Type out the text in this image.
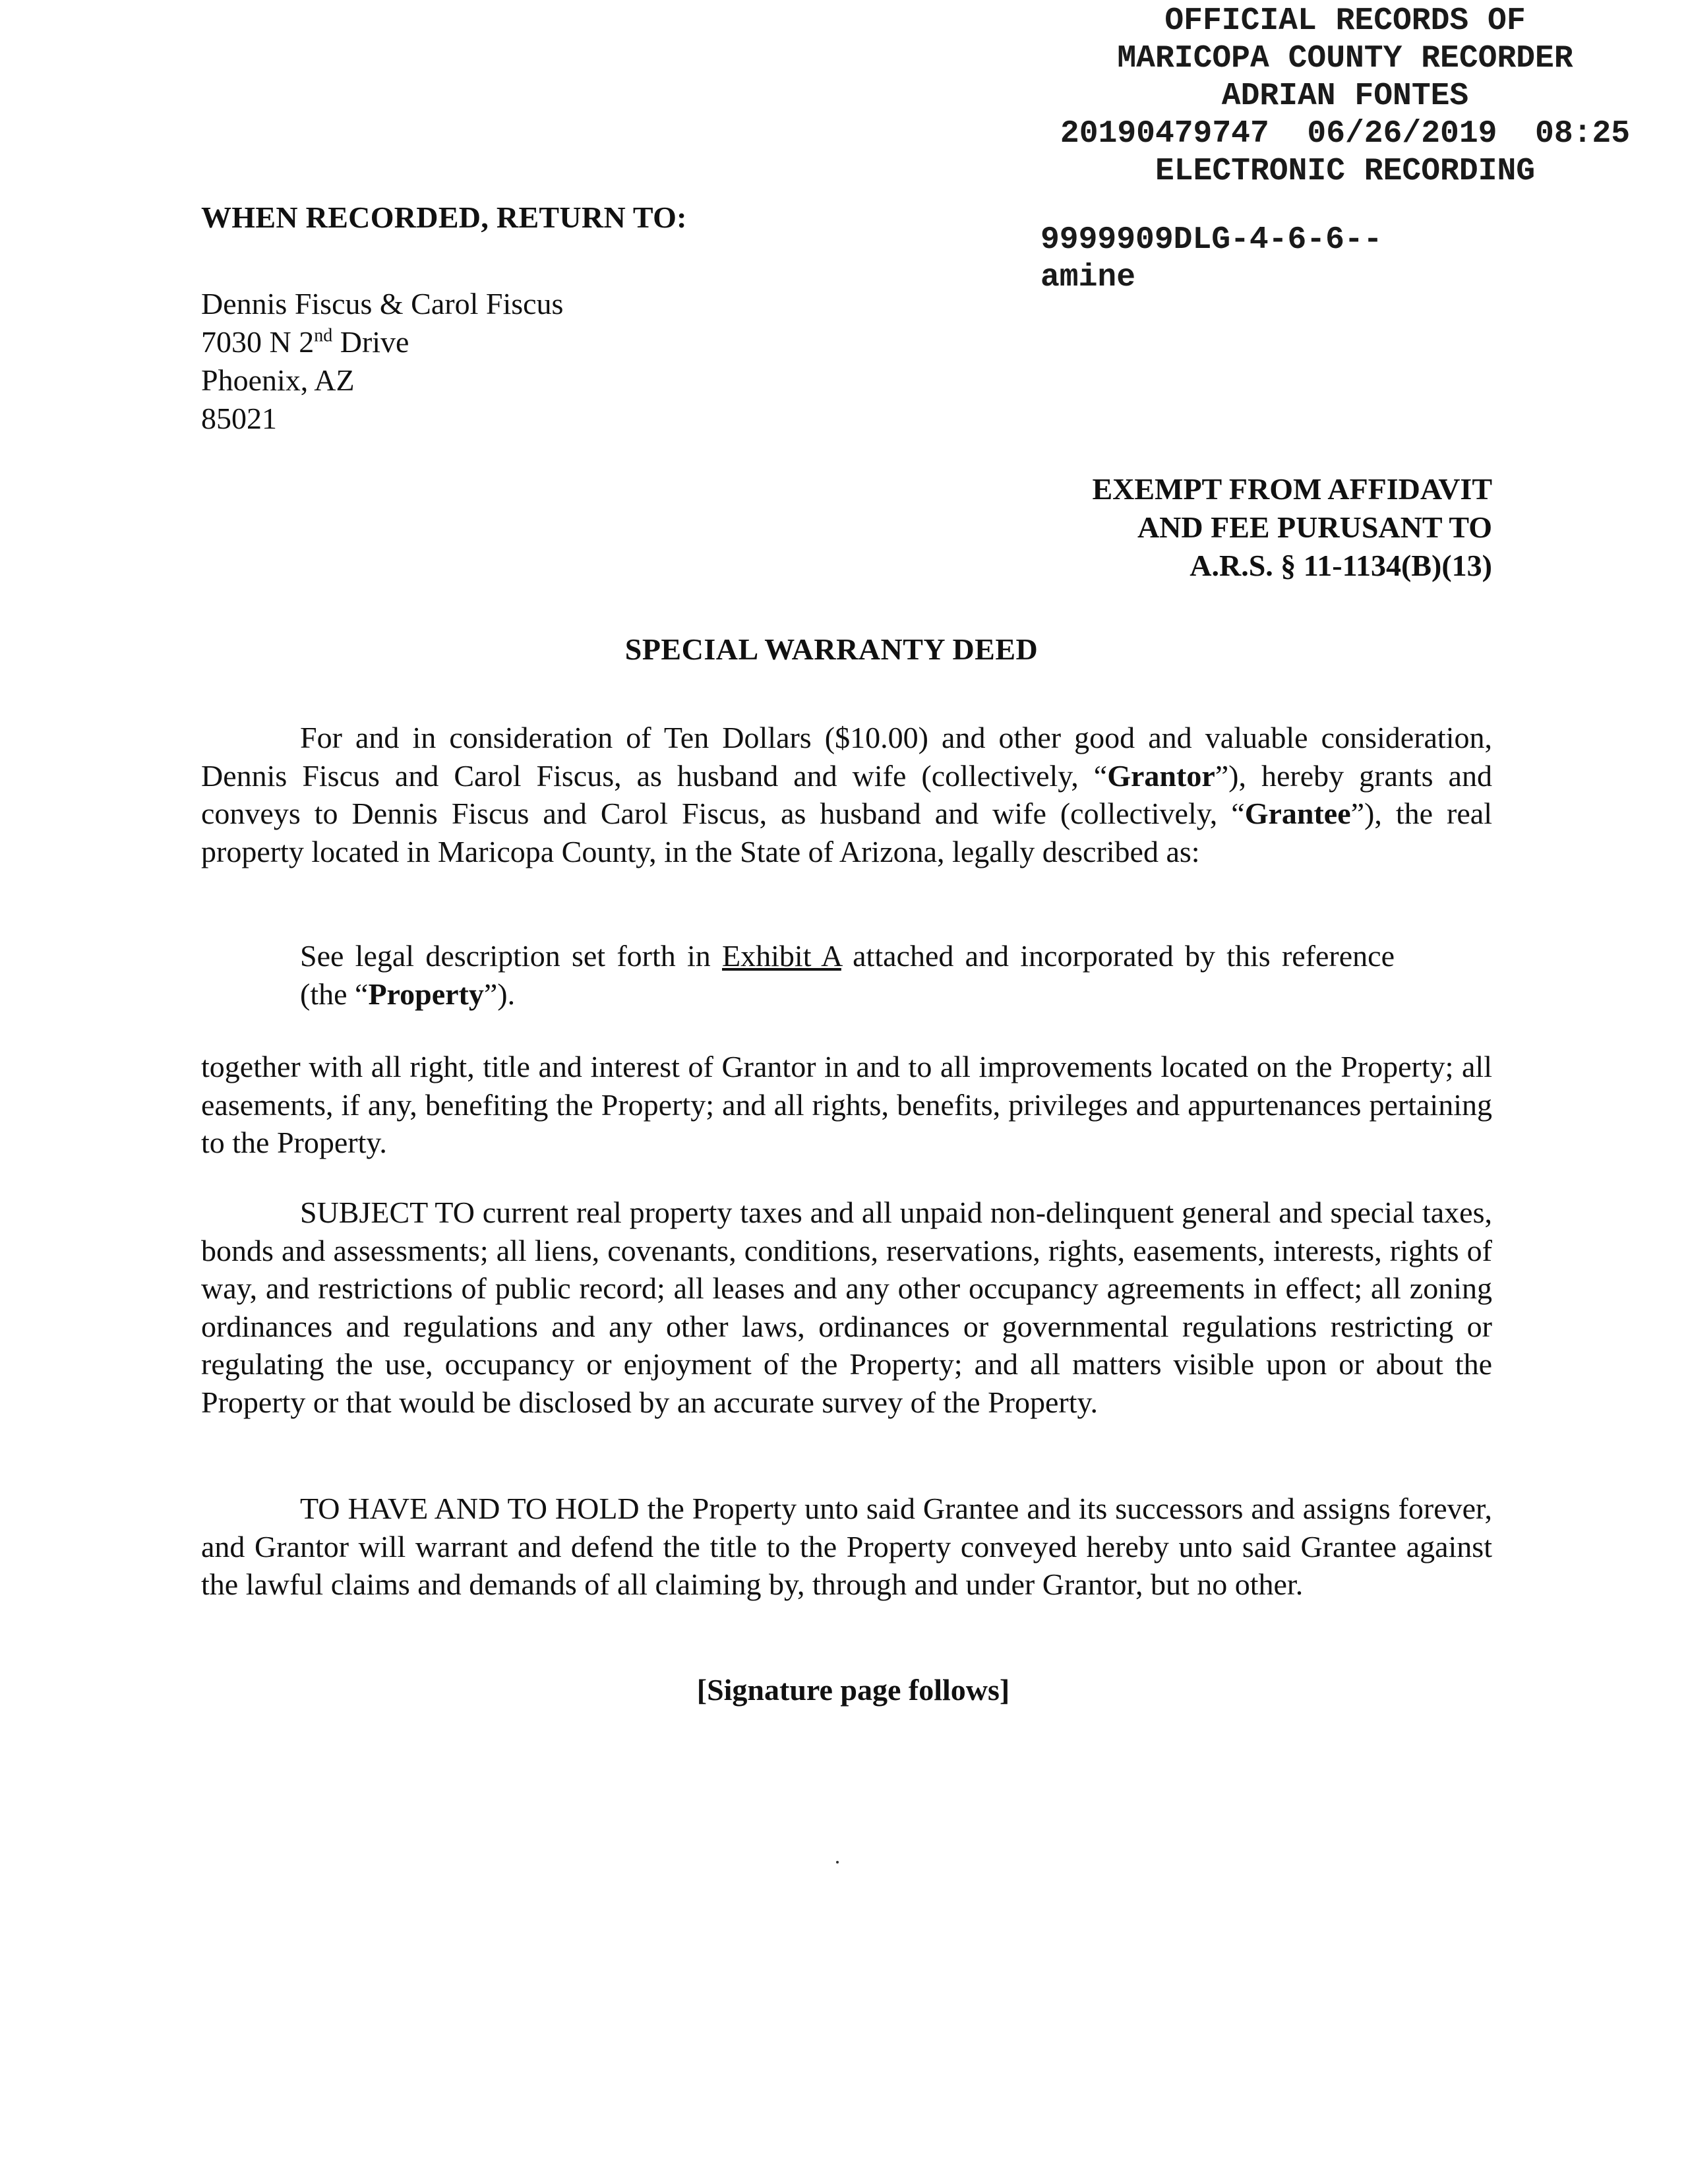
OFFICIAL RECORDS OF
MARICOPA COUNTY RECORDER
ADRIAN FONTES
20190479747  06/26/2019  08:25
ELECTRONIC RECORDING
9999909DLG-4-6-6--
amine
WHEN RECORDED, RETURN TO:
Dennis Fiscus & Carol Fiscus
7030 N 2nd Drive
Phoenix, AZ
85021
EXEMPT FROM AFFIDAVIT
AND FEE PURUSANT TO
A.R.S. § 11-1134(B)(13)
SPECIAL WARRANTY DEED
For and in consideration of Ten Dollars ($10.00) and other good and valuable consideration, Dennis Fiscus and Carol Fiscus, as husband and wife (collectively, “Grantor”), hereby grants and conveys to Dennis Fiscus and Carol Fiscus, as husband and wife (collectively, “Grantee”), the real property located in Maricopa County, in the State of Arizona, legally described as:
See legal description set forth in Exhibit A attached and incorporated by this reference (the “Property”).
together with all right, title and interest of Grantor in and to all improvements located on the Property; all easements, if any, benefiting the Property; and all rights, benefits, privileges and appurtenances pertaining to the Property.
SUBJECT TO current real property taxes and all unpaid non-delinquent general and special taxes, bonds and assessments; all liens, covenants, conditions, reservations, rights, easements, interests, rights of way, and restrictions of public record; all leases and any other occupancy agreements in effect; all zoning ordinances and regulations and any other laws, ordinances or governmental regulations restricting or regulating the use, occupancy or enjoyment of the Property; and all matters visible upon or about the Property or that would be disclosed by an accurate survey of the Property.
TO HAVE AND TO HOLD the Property unto said Grantee and its successors and assigns forever, and Grantor will warrant and defend the title to the Property conveyed hereby unto said Grantee against the lawful claims and demands of all claiming by, through and under Grantor, but no other.
[Signature page follows]
